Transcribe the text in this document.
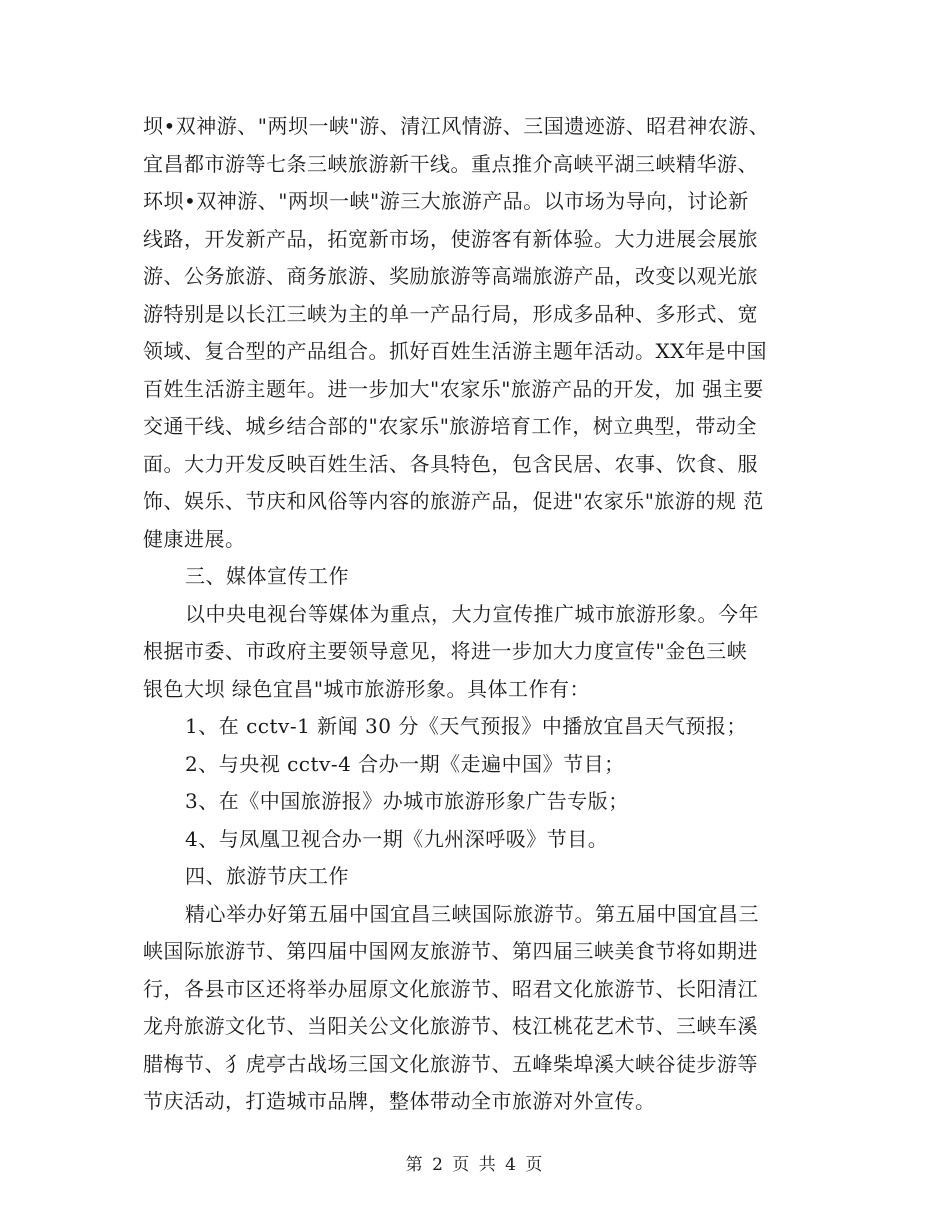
坝•双神游、"两坝一峡"游、清江风情游、三国遗迹游、昭君神农游、
宜昌都市游等七条三峡旅游新干线。重点推介高峡平湖三峡精华游、
环坝•双神游、"两坝一峡"游三大旅游产品。以市场为导向，讨论新
线路，开发新产品，拓宽新市场，使游客有新体验。大力进展会展旅
游、公务旅游、商务旅游、奖励旅游等高端旅游产品，改变以观光旅
游特别是以长江三峡为主的单一产品行局，形成多品种、多形式、宽
领域、复合型的产品组合。抓好百姓生活游主题年活动。XX年是中国
百姓生活游主题年。进一步加大"农家乐"旅游产品的开发，加 强主要
交通干线、城乡结合部的"农家乐"旅游培育工作，树立典型，带动全
面。大力开发反映百姓生活、各具特色，包含民居、农事、饮食、服
饰、娱乐、节庆和风俗等内容的旅游产品，促进"农家乐"旅游的规 范
健康进展。
三、媒体宣传工作
以中央电视台等媒体为重点，大力宣传推广城市旅游形象。今年
根据市委、市政府主要领导意见，将进一步加大力度宣传"金色三峡
银色大坝 绿色宜昌"城市旅游形象。具体工作有：
1、在 cctv-1 新闻 30 分《天气预报》中播放宜昌天气预报；
2、与央视 cctv-4 合办一期《走遍中国》节目；
3、在《中国旅游报》办城市旅游形象广告专版；
4、与凤凰卫视合办一期《九州深呼吸》节目。
四、旅游节庆工作
精心举办好第五届中国宜昌三峡国际旅游节。第五届中国宜昌三
峡国际旅游节、第四届中国网友旅游节、第四届三峡美食节将如期进
行，各县市区还将举办屈原文化旅游节、昭君文化旅游节、长阳清江
龙舟旅游文化节、当阳关公文化旅游节、枝江桃花艺术节、三峡车溪
腊梅节、犭虎亭古战场三国文化旅游节、五峰柴埠溪大峡谷徒步游等
节庆活动，打造城市品牌，整体带动全市旅游对外宣传。
第 2 页 共 4 页
